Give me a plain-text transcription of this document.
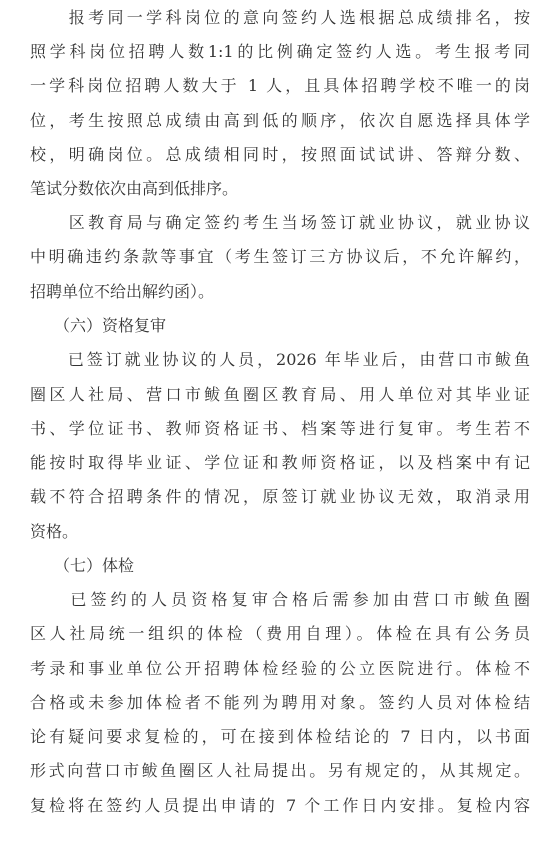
　　报考同一学科岗位的意向签约人选根据总成绩排名，按
照学科岗位招聘人数1:1的比例确定签约人选。考生报考同
一学科岗位招聘人数大于 1 人，且具体招聘学校不唯一的岗
位，考生按照总成绩由高到低的顺序，依次自愿选择具体学
校，明确岗位。总成绩相同时，按照面试试讲、答辩分数、
笔试分数依次由高到低排序。
　　区教育局与确定签约考生当场签订就业协议，就业协议
中明确违约条款等事宜（考生签订三方协议后，不允许解约，
招聘单位不给出解约函）。
　　（六）资格复审
　　已签订就业协议的人员，2026 年毕业后，由营口市鲅鱼
圈区人社局、营口市鲅鱼圈区教育局、用人单位对其毕业证
书、学位证书、教师资格证书、档案等进行复审。考生若不
能按时取得毕业证、学位证和教师资格证，以及档案中有记
载不符合招聘条件的情况，原签订就业协议无效，取消录用
资格。
　　（七）体检
　　已签约的人员资格复审合格后需参加由营口市鲅鱼圈
区人社局统一组织的体检（费用自理）。体检在具有公务员
考录和事业单位公开招聘体检经验的公立医院进行。体检不
合格或未参加体检者不能列为聘用对象。签约人员对体检结
论有疑问要求复检的，可在接到体检结论的 7 日内，以书面
形式向营口市鲅鱼圈区人社局提出。另有规定的，从其规定。
复检将在签约人员提出申请的 7 个工作日内安排。复检内容
